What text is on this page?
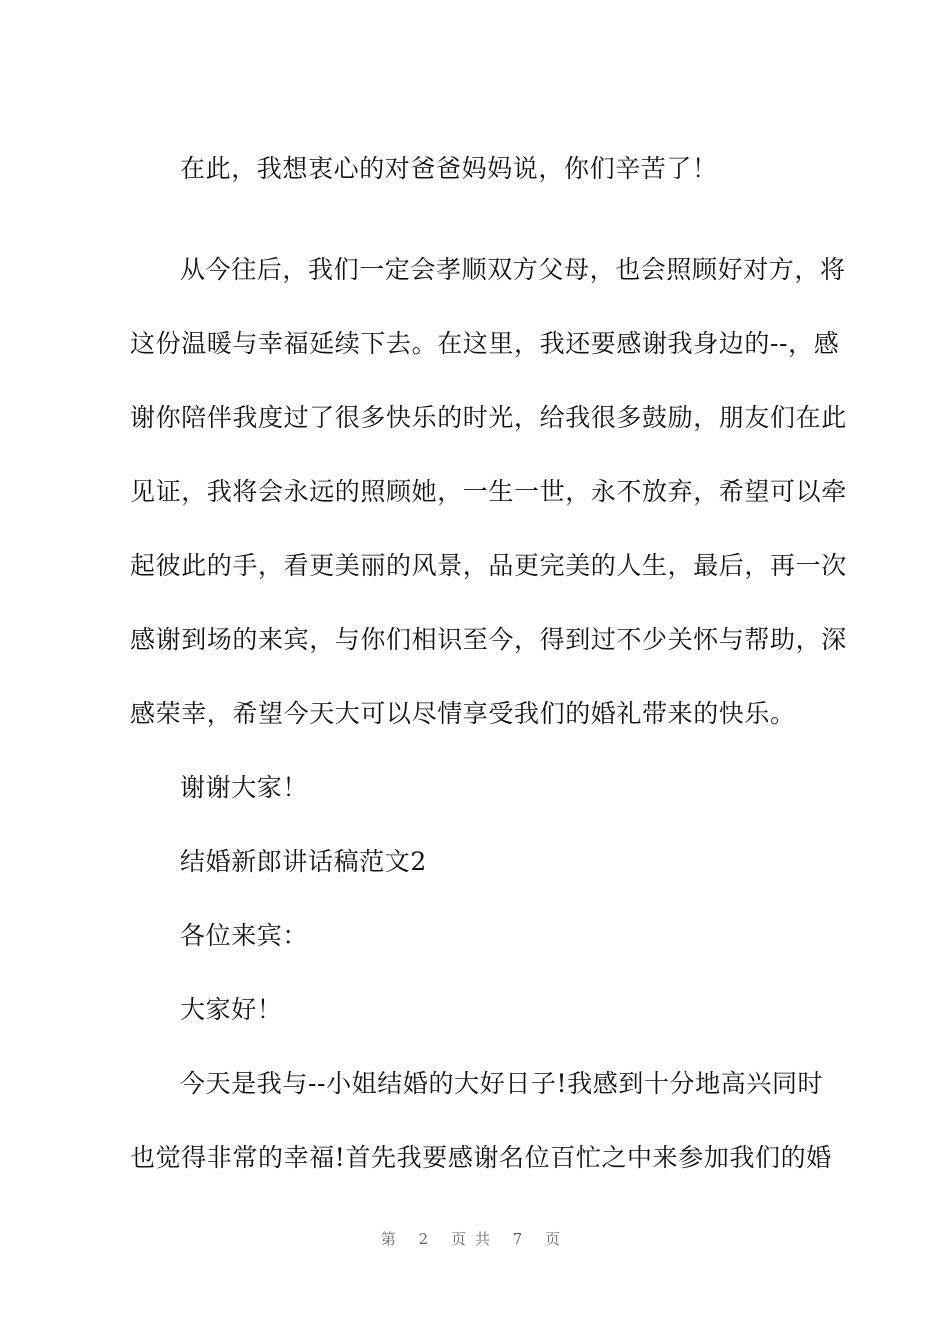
在此，我想衷心的对爸爸妈妈说，你们辛苦了！
从今往后，我们一定会孝顺双方父母，也会照顾好对方，将
这份温暖与幸福延续下去。在这里，我还要感谢我身边的--，感
谢你陪伴我度过了很多快乐的时光，给我很多鼓励，朋友们在此
见证，我将会永远的照顾她，一生一世，永不放弃，希望可以牵
起彼此的手，看更美丽的风景，品更完美的人生，最后，再一次
感谢到场的来宾，与你们相识至今，得到过不少关怀与帮助，深
感荣幸，希望今天大可以尽情享受我们的婚礼带来的快乐。
谢谢大家！
结婚新郎讲话稿范文2
各位来宾：
大家好！
今天是我与--小姐结婚的大好日子!我感到十分地高兴同时
也觉得非常的幸福!首先我要感谢名位百忙之中来参加我们的婚
第 2 页共 7 页
